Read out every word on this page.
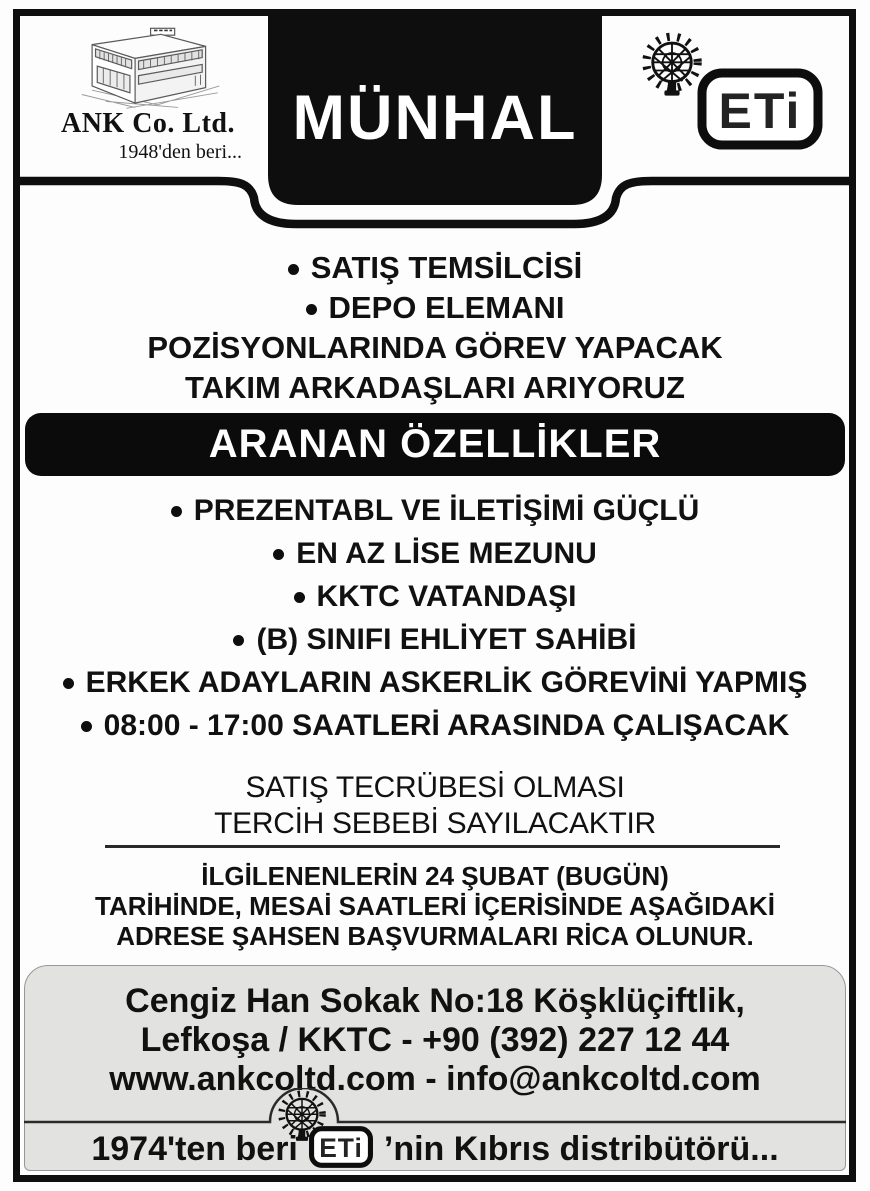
MÜNHAL
ANK Co. Ltd.
1948'den beri...
ETi
SATIŞ TEMSİLCİSİ
DEPO ELEMANI
POZİSYONLARINDA GÖREV YAPACAK
TAKIM ARKADAŞLARI ARIYORUZ
ARANAN ÖZELLİKLER
PREZENTABL VE İLETİŞİMİ GÜÇLÜ
EN AZ LİSE MEZUNU
KKTC VATANDAŞI
(B) SINIFI EHLİYET SAHİBİ
ERKEK ADAYLARIN ASKERLİK GÖREVİNİ YAPMIŞ
08:00 - 17:00 SAATLERİ ARASINDA ÇALIŞACAK
SATIŞ TECRÜBESİ OLMASI
TERCİH SEBEBİ SAYILACAKTIR
İLGİLENENLERİN 24 ŞUBAT (BUGÜN)
TARİHİNDE, MESAİ SAATLERİ İÇERİSİNDE AŞAĞIDAKİ
ADRESE ŞAHSEN BAŞVURMALARI RİCA OLUNUR.
Cengiz Han Sokak No:18 Köşklüçiftlik,
Lefkoşa / KKTC - +90 (392) 227 12 44
www.ankcoltd.com - info@ankcoltd.com
1974'ten beri ETi ’nin Kıbrıs distribütörü...
